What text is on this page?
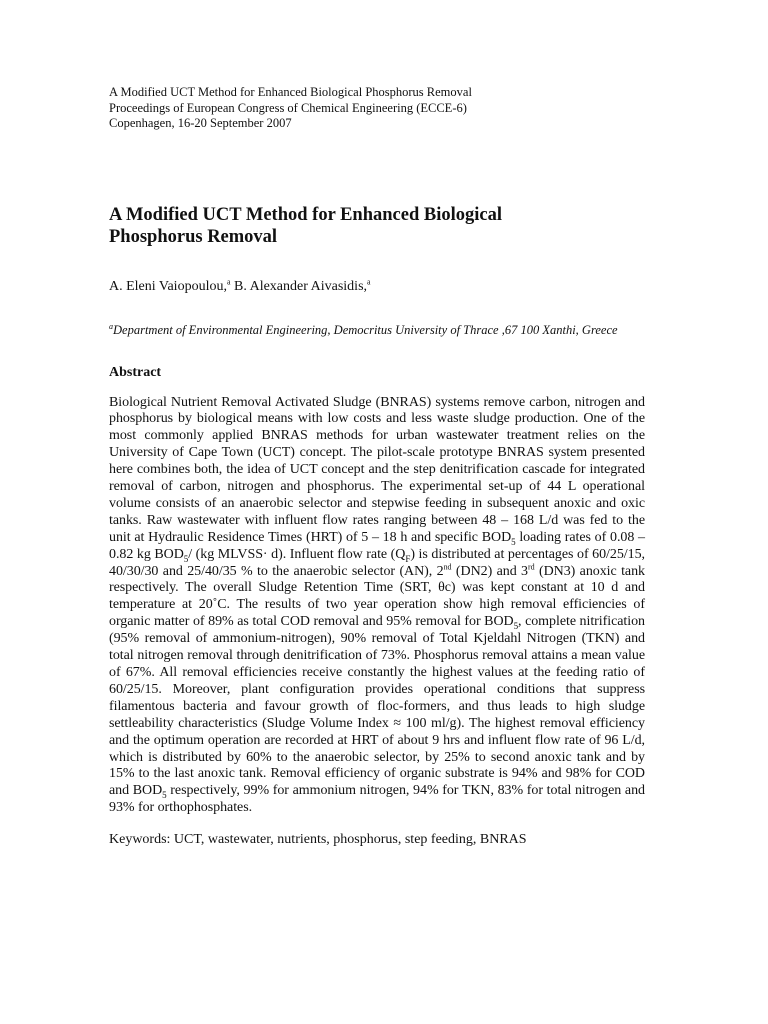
A Modified UCT Method for Enhanced Biological Phosphorus Removal
Proceedings of European Congress of Chemical Engineering (ECCE-6)
Copenhagen, 16-20 September 2007
A Modified UCT Method for Enhanced Biological
Phosphorus Removal
A. Eleni Vaiopoulou,$^a$ B. Alexander Aivasidis,$^a$
$^a$Department of Environmental Engineering, Democritus University of Thrace ,67 100 Xanthi, Greece
Abstract
Biological Nutrient Removal Activated Sludge (BNRAS) systems remove carbon, nitrogen and phosphorus by biological means with low costs and less waste sludge production. One of the most commonly applied BNRAS methods for urban wastewater treatment relies on the University of Cape Town (UCT) concept. The pilot-scale prototype BNRAS system presented here combines both, the idea of UCT concept and the step denitrification cascade for integrated removal of carbon, nitrogen and phosphorus. The experimental set-up of 44 L operational volume consists of an anaerobic selector and stepwise feeding in subsequent anoxic and oxic tanks. Raw wastewater with influent flow rates ranging between 48 – 168 L/d was fed to the unit at Hydraulic Residence Times (HRT) of 5 – 18 h and specific $BOD_5$ loading rates of 0.08 – 0.82 kg $BOD_5/$ (kg MLVSS· d). Influent flow rate $(Q_F)$ is distributed at percentages of 60/25/15, 40/30/30 and 25/40/35 % to the anaerobic selector (AN), 2nd (DN2) and 3rd (DN3) anoxic tank respectively. The overall Sludge Retention Time (SRT, θc) was kept constant at 10 d and temperature at 20˚C. The results of two year operation show high removal efficiencies of organic matter of 89% as total COD removal and 95% removal for $BOD_5$, complete nitrification (95% removal of ammonium-nitrogen), 90% removal of Total Kjeldahl Nitrogen (TKN) and total nitrogen removal through denitrification of 73%. Phosphorus removal attains a mean value of 67%. All removal efficiencies receive constantly the highest values at the feeding ratio of 60/25/15. Moreover, plant configuration provides operational conditions that suppress filamentous bacteria and favour growth of floc-formers, and thus leads to high sludge settleability characteristics (Sludge Volume Index ≈ 100 ml/g). The highest removal efficiency and the optimum operation are recorded at HRT of about 9 hrs and influent flow rate of 96 L/d, which is distributed by 60% to the anaerobic selector, by 25% to second anoxic tank and by 15% to the last anoxic tank. Removal efficiency of organic substrate is 94% and 98% for COD and $BOD_5$ respectively, 99% for ammonium nitrogen, 94% for TKN, 83% for total nitrogen and 93% for orthophosphates.
Keywords: UCT, wastewater, nutrients, phosphorus, step feeding, BNRAS
